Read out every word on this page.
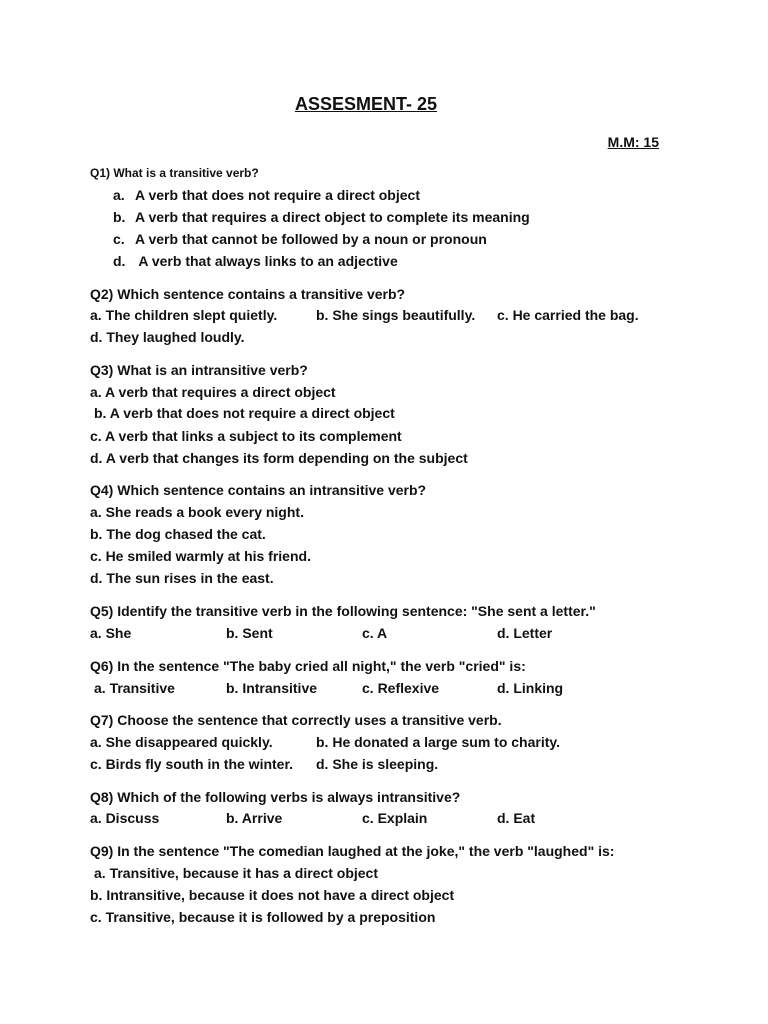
ASSESMENT- 25
M.M: 15
Q1) What is a transitive verb?
a. A verb that does not require a direct object
b. A verb that requires a direct object to complete its meaning
c. A verb that cannot be followed by a noun or pronoun
d. A verb that always links to an adjective
Q2) Which sentence contains a transitive verb?
a. The children slept quietly.	b. She sings beautifully. c. He carried the bag.
d. They laughed loudly.
Q3) What is an intransitive verb?
a. A verb that requires a direct object
b. A verb that does not require a direct object
c. A verb that links a subject to its complement
d. A verb that changes its form depending on the subject
Q4) Which sentence contains an intransitive verb?
a. She reads a book every night.
b. The dog chased the cat.
c. He smiled warmly at his friend.
d. The sun rises in the east.
Q5) Identify the transitive verb in the following sentence: "She sent a letter."
a. She	b. Sent	c. A	d. Letter
Q6) In the sentence "The baby cried all night," the verb "cried" is:
a. Transitive	b. Intransitive	c. Reflexive	d. Linking
Q7) Choose the sentence that correctly uses a transitive verb.
a. She disappeared quickly.	b. He donated a large sum to charity.
c. Birds fly south in the winter. d. She is sleeping.
Q8) Which of the following verbs is always intransitive?
a. Discuss	b. Arrive	c. Explain	d. Eat
Q9) In the sentence "The comedian laughed at the joke," the verb "laughed" is:
a. Transitive, because it has a direct object
b. Intransitive, because it does not have a direct object
c. Transitive, because it is followed by a preposition
